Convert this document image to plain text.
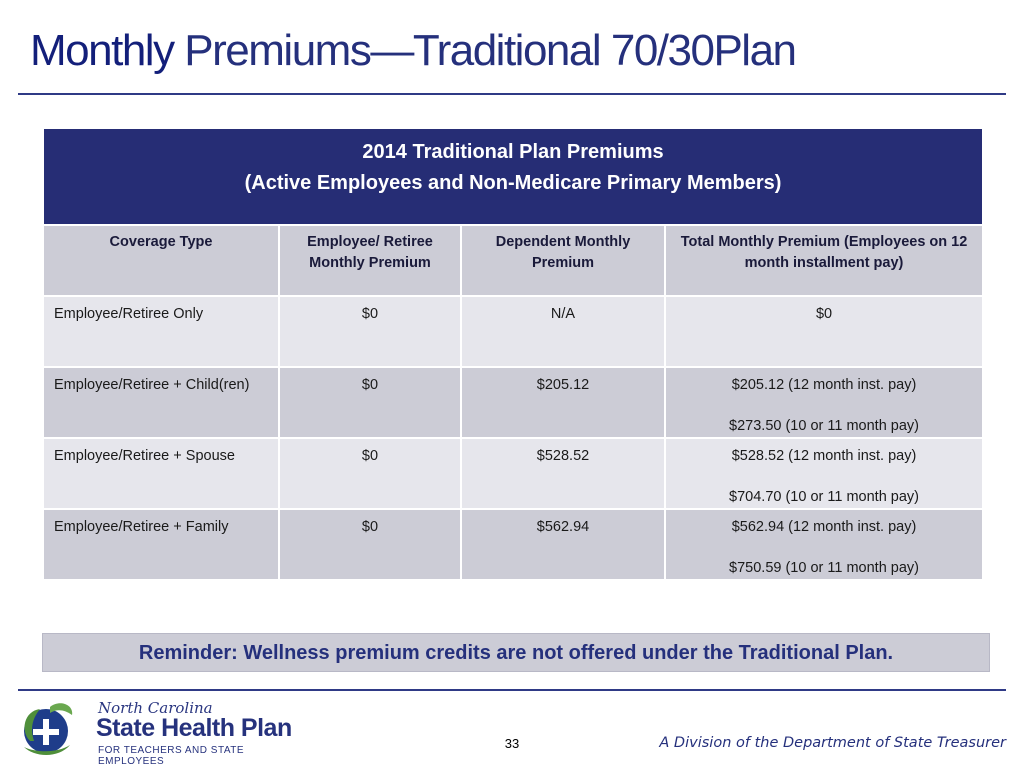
Monthly Premiums—Traditional 70/30Plan
2014 Traditional Plan Premiums
(Active Employees and Non-Medicare Primary Members)			

Coverage Type	Employee/ Retiree Monthly Premium	Dependent Monthly Premium	Total Monthly Premium (Employees on 12 month installment pay)
Employee/Retiree Only	$0	N/A	$0

Employee/Retiree + Child(ren)	$0	$205.12	$205.12 (12 month inst. pay)
$273.50 (10 or 11 month pay)

Employee/Retiree + Spouse	$0	$528.52	$528.52 (12 month inst. pay)
$704.70 (10 or 11 month pay)

Employee/Retiree + Family	$0	$562.94	$562.94 (12 month inst. pay)
$750.59 (10 or 11 month pay)
Reminder: Wellness premium credits are not offered under the Traditional Plan.
North Carolina
State Health Plan
FOR TEACHERS AND STATE EMPLOYEES
33	A Division of the Department of State Treasurer
